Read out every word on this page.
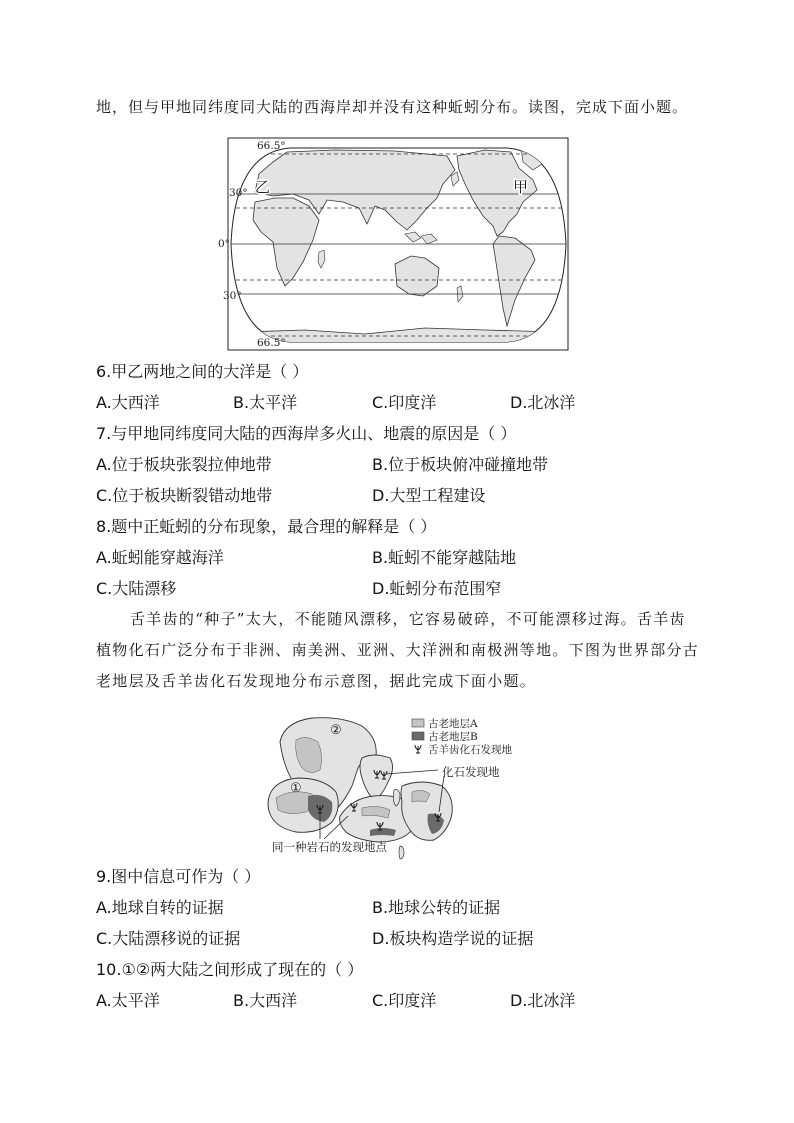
地，但与甲地同纬度同大陆的西海岸却并没有这种蚯蚓分布。读图，完成下面小题。
66.5°
30°
0°
30°
66.5°
乙	甲
6.甲乙两地之间的大洋是（ ）
A.大西洋	B.太平洋	C.印度洋	D.北冰洋
7.与甲地同纬度同大陆的西海岸多火山、地震的原因是（ ）
A.位于板块张裂拉伸地带	B.位于板块俯冲碰撞地带
C.位于板块断裂错动地带	D.大型工程建设
8.题中正蚯蚓的分布现象，最合理的解释是（ ）
A.蚯蚓能穿越海洋	B.蚯蚓不能穿越陆地
C.大陆漂移	D.蚯蚓分布范围窄
舌羊齿的“种子”太大，不能随风漂移，它容易破碎，不可能漂移过海。舌羊齿
植物化石广泛分布于非洲、南美洲、亚洲、大洋洲和南极洲等地。下图为世界部分古
老地层及舌羊齿化石发现地分布示意图，据此完成下面小题。
①
②
化石发现地
同一种岩石的发现地点
古老地层A
古老地层B
舌羊齿化石发现地
9.图中信息可作为（ ）
A.地球自转的证据	B.地球公转的证据
C.大陆漂移说的证据	D.板块构造学说的证据
10.①②两大陆之间形成了现在的（ ）
A.太平洋	B.大西洋	C.印度洋	D.北冰洋
